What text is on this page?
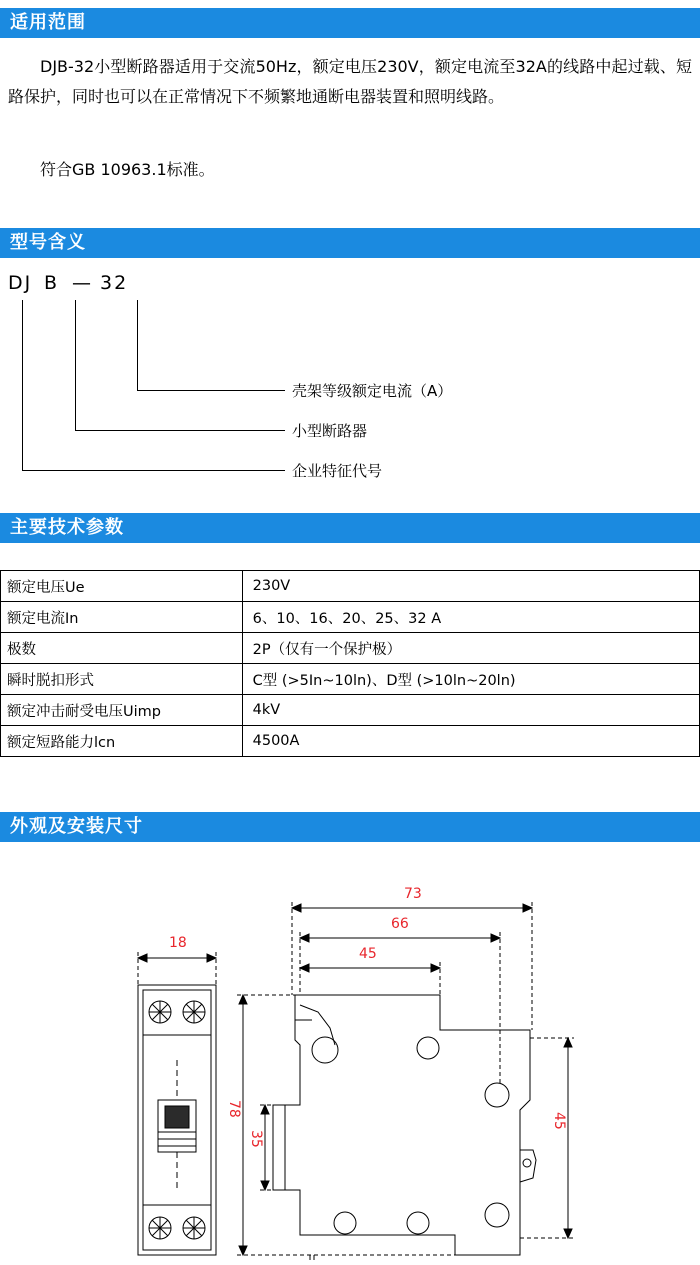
适用范围
DJB-32小型断路器适用于交流50Hz，额定电压230V，额定电流至32A的线路中起过载、短路保护，同时也可以在正常情况下不频繁地通断电器装置和照明线路。
符合GB 10963.1标准。
型号含义
DJ B — 32
壳架等级额定电流（A）
小型断路器
企业特征代号
主要技术参数
额定电压Ue	230V
额定电流In	6、10、16、20、25、32 A
极数	2P（仅有一个保护极）
瞬时脱扣形式	C型 (>5In~10ln)、D型 (>10ln~20ln)
额定冲击耐受电压Uimp	4kV
额定短路能力lcn	4500A
外观及安装尺寸
18
78
73
66
45
35
45
